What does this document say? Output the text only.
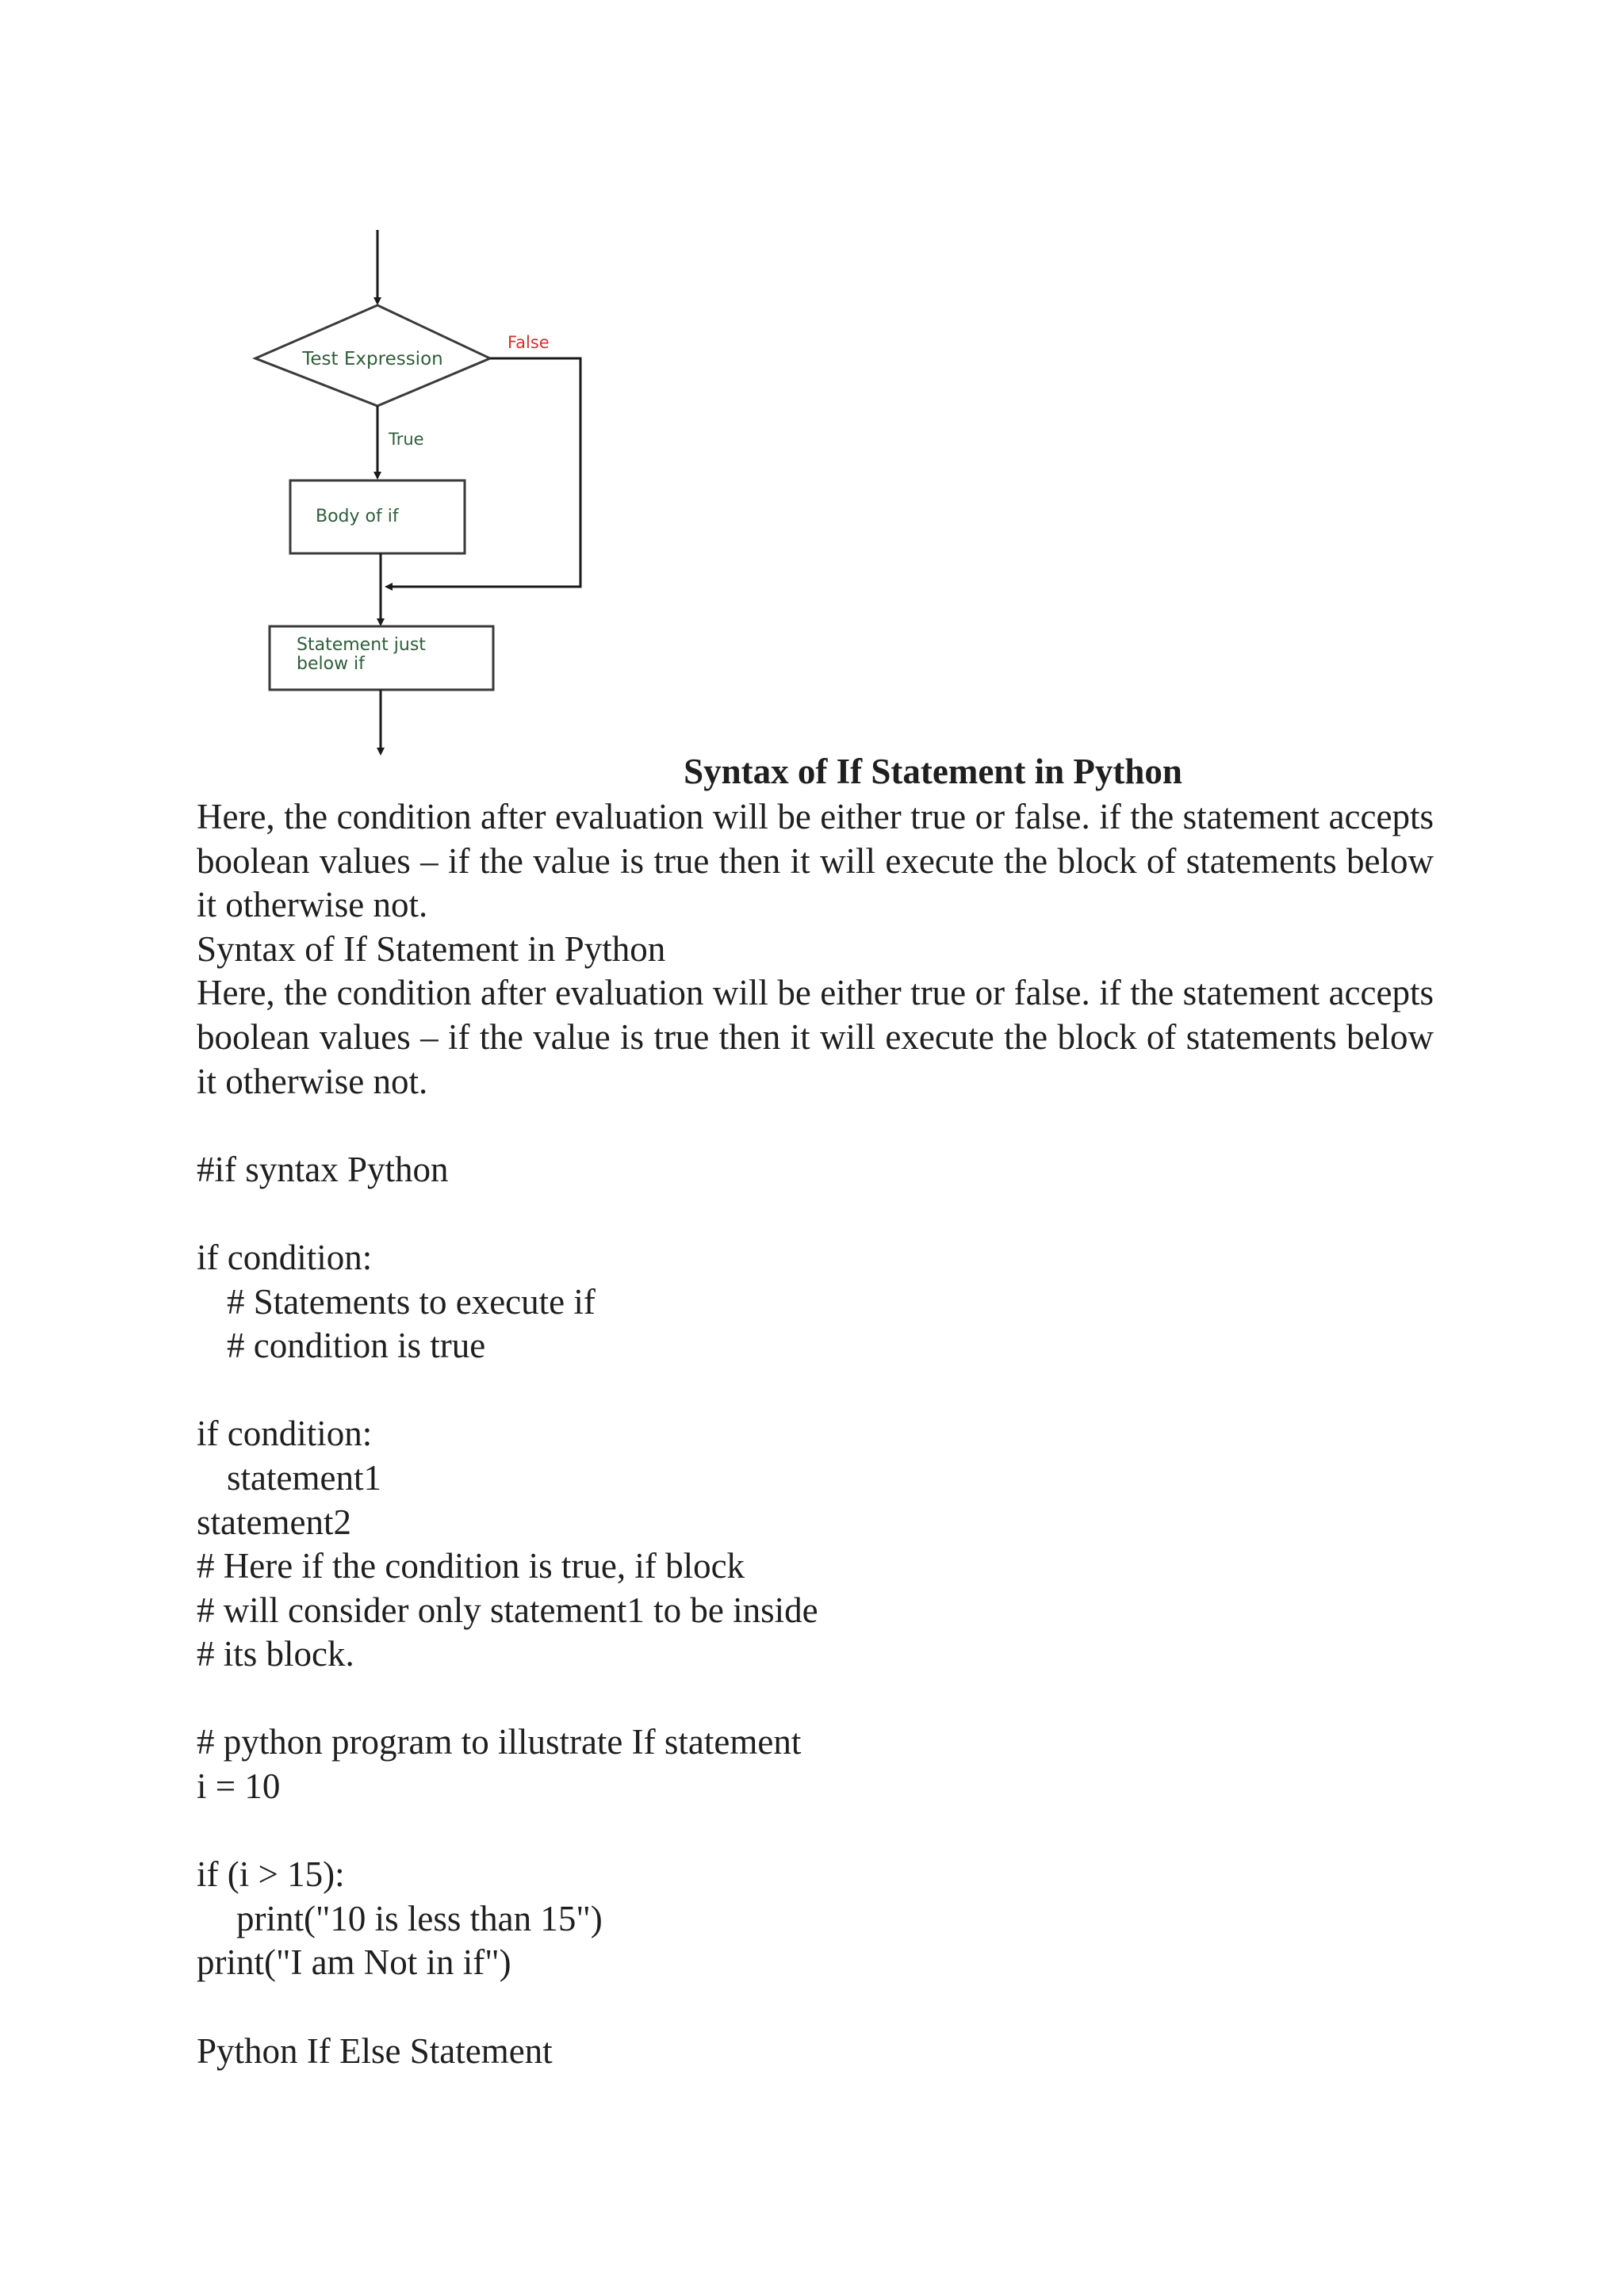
Test Expression
False
True
Body of if
Statement just
below if
Syntax of If Statement in Python

Here, the condition after evaluation will be either true or false. if the statement accepts boolean values – if the value is true then it will execute the block of statements below it otherwise not.

Syntax of If Statement in Python

Here, the condition after evaluation will be either true or false. if the statement accepts boolean values – if the value is true then it will execute the block of statements below it otherwise not.

#if syntax Python

if condition:

# Statements to execute if

# condition is true

if condition:

statement1

statement2

# Here if the condition is true, if block

# will consider only statement1 to be inside

# its block.

# python program to illustrate If statement

i = 10

if (i > 15):

print("10 is less than 15")

print("I am Not in if")

Python If Else Statement
